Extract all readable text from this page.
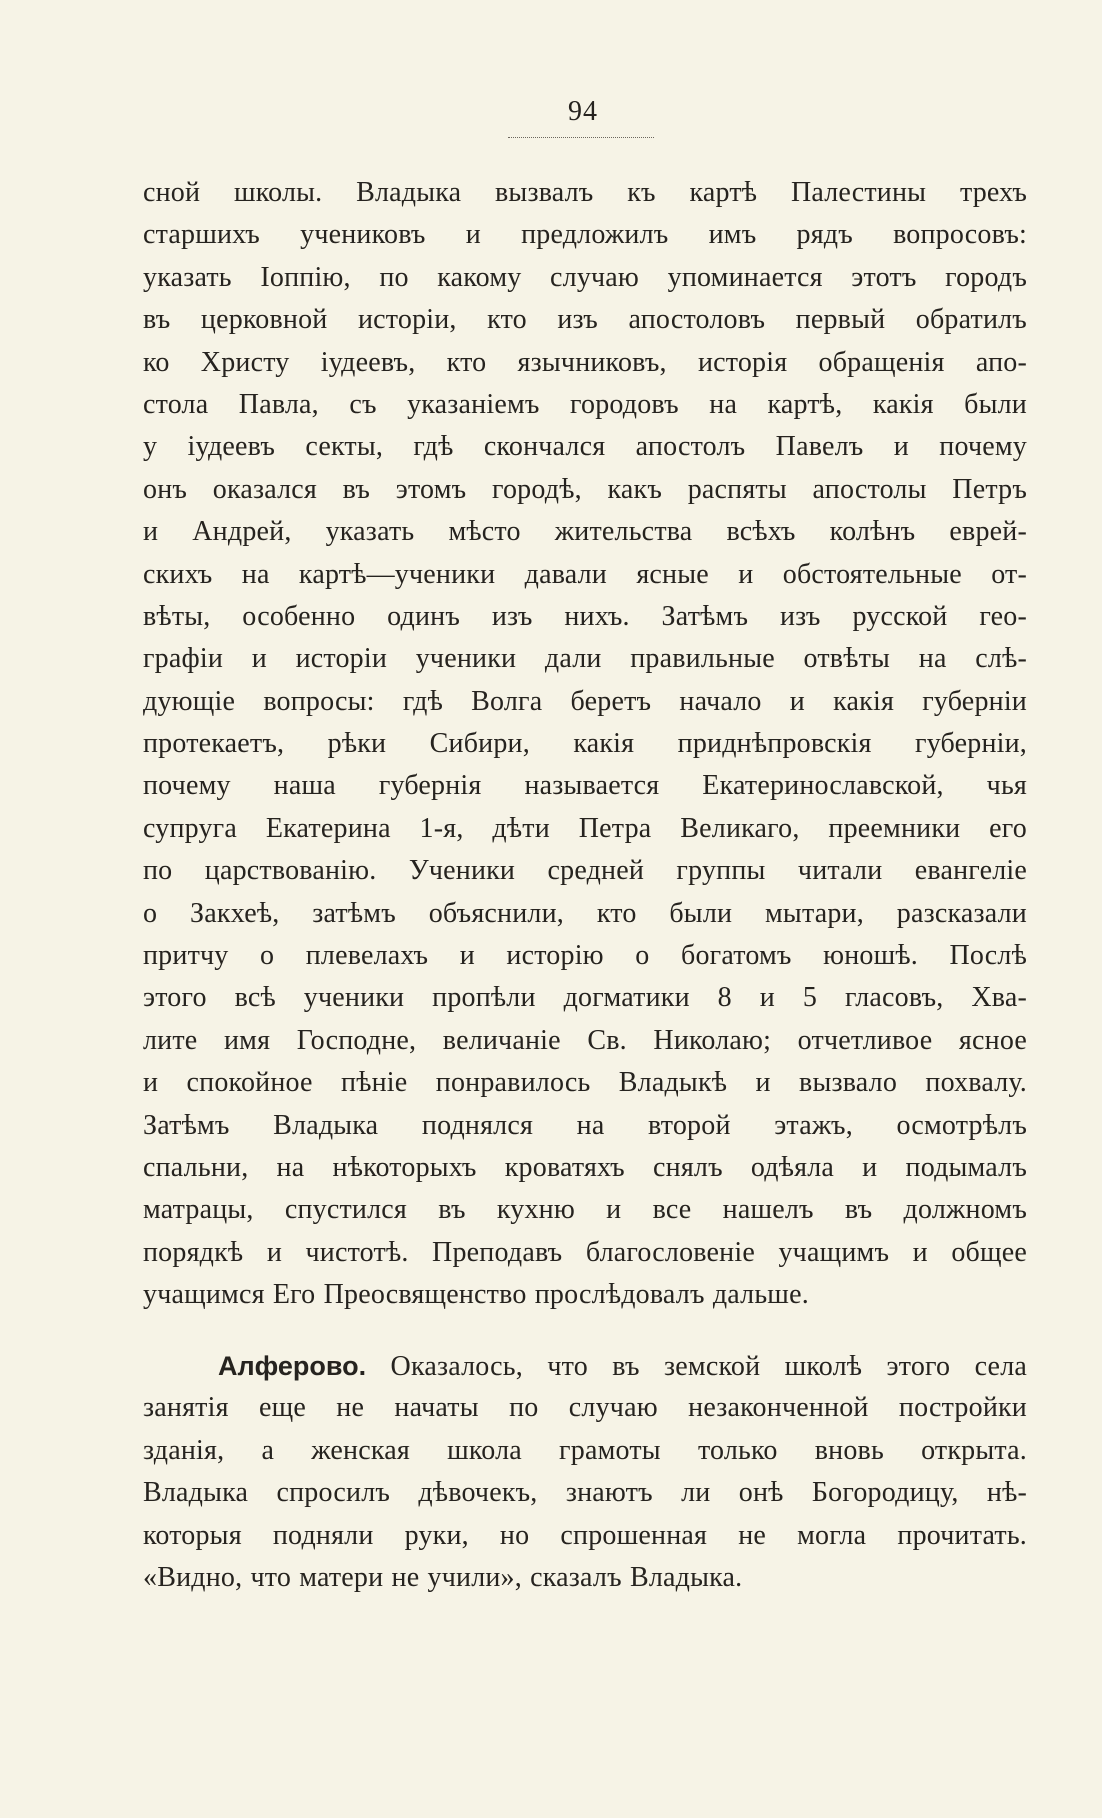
94
сной школы. Владыка вызвалъ къ картѣ Палестины трехъ
старшихъ учениковъ и предложилъ имъ рядъ вопросовъ:
указать Іоппію, по какому случаю упоминается этотъ городъ
въ церковной исторіи, кто изъ апостоловъ первый обратилъ
ко Христу іудеевъ, кто язычниковъ, исторія обращенія апо-
стола Павла, съ указаніемъ городовъ на картѣ, какія были
у іудеевъ секты, гдѣ скончался апостолъ Павелъ и почему
онъ оказался въ этомъ городѣ, какъ распяты апостолы Петръ
и Андрей, указать мѣсто жительства всѣхъ колѣнъ еврей-
скихъ на картѣ—ученики давали ясные и обстоятельные от-
вѣты, особенно одинъ изъ нихъ. Затѣмъ изъ русской гео-
графіи и исторіи ученики дали правильные отвѣты на слѣ-
дующіе вопросы: гдѣ Волга беретъ начало и какія губерніи
протекаетъ, рѣки Сибири, какія приднѣпровскія губерніи,
почему наша губернія называется Екатеринославской, чья
супруга Екатерина 1-я, дѣти Петра Великаго, преемники его
по царствованію. Ученики средней группы читали евангеліе
о Закхеѣ, затѣмъ объяснили, кто были мытари, разсказали
притчу о плевелахъ и исторію о богатомъ юношѣ. Послѣ
этого всѣ ученики пропѣли догматики 8 и 5 гласовъ, Хва-
лите имя Господне, величаніе Св. Николаю; отчетливое ясное
и спокойное пѣніе понравилось Владыкѣ и вызвало похвалу.
Затѣмъ Владыка поднялся на второй этажъ, осмотрѣлъ
спальни, на нѣкоторыхъ кроватяхъ снялъ одѣяла и подымалъ
матрацы, спустился въ кухню и все нашелъ въ должномъ
порядкѣ и чистотѣ. Преподавъ благословеніе учащимъ и общее
учащимся Его Преосвященство прослѣдовалъ дальше.
Алферово. Оказалось, что въ земской школѣ этого села
занятія еще не начаты по случаю незаконченной постройки
зданія, а женская школа грамоты только вновь открыта.
Владыка спросилъ дѣвочекъ, знаютъ ли онѣ Богородицу, нѣ-
которыя подняли руки, но спрошенная не могла прочитать.
«Видно, что матери не учили», сказалъ Владыка.
